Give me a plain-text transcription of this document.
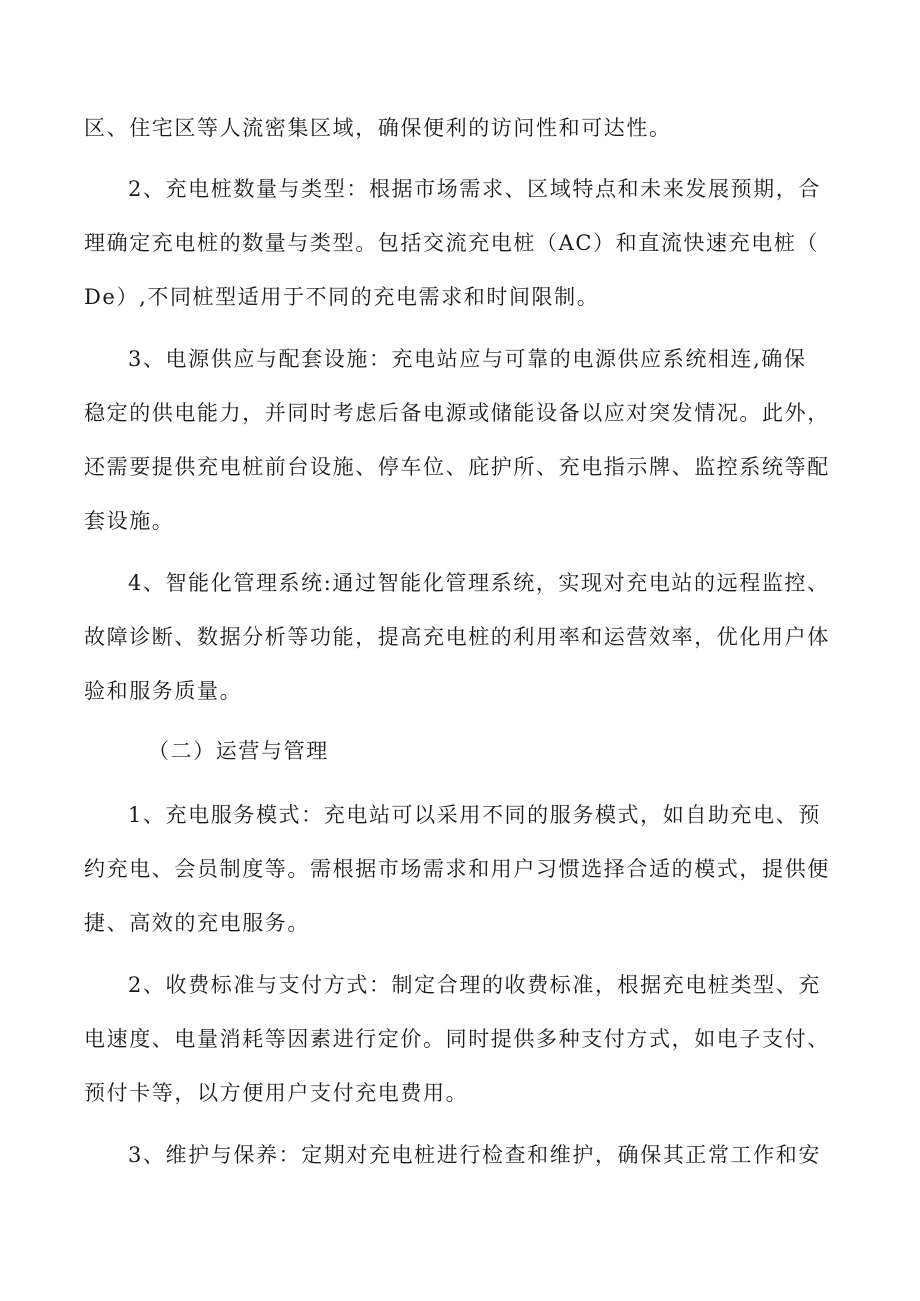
区、住宅区等人流密集区域，确保便利的访问性和可达性。
2、充电桩数量与类型：根据市场需求、区域特点和未来发展预期，合
理确定充电桩的数量与类型。包括交流充电桩（AC）和直流快速充电桩（
De）,不同桩型适用于不同的充电需求和时间限制。
3、电源供应与配套设施：充电站应与可靠的电源供应系统相连,确保
稳定的供电能力，并同时考虑后备电源或储能设备以应对突发情况。此外，
还需要提供充电桩前台设施、停车位、庇护所、充电指示牌、监控系统等配
套设施。
4、智能化管理系统:通过智能化管理系统，实现对充电站的远程监控、
故障诊断、数据分析等功能，提高充电桩的利用率和运营效率，优化用户体
验和服务质量。
（二）运营与管理
1、充电服务模式：充电站可以采用不同的服务模式，如自助充电、预
约充电、会员制度等。需根据市场需求和用户习惯选择合适的模式，提供便
捷、高效的充电服务。
2、收费标准与支付方式：制定合理的收费标准，根据充电桩类型、充
电速度、电量消耗等因素进行定价。同时提供多种支付方式，如电子支付、
预付卡等，以方便用户支付充电费用。
3、维护与保养：定期对充电桩进行检查和维护，确保其正常工作和安
